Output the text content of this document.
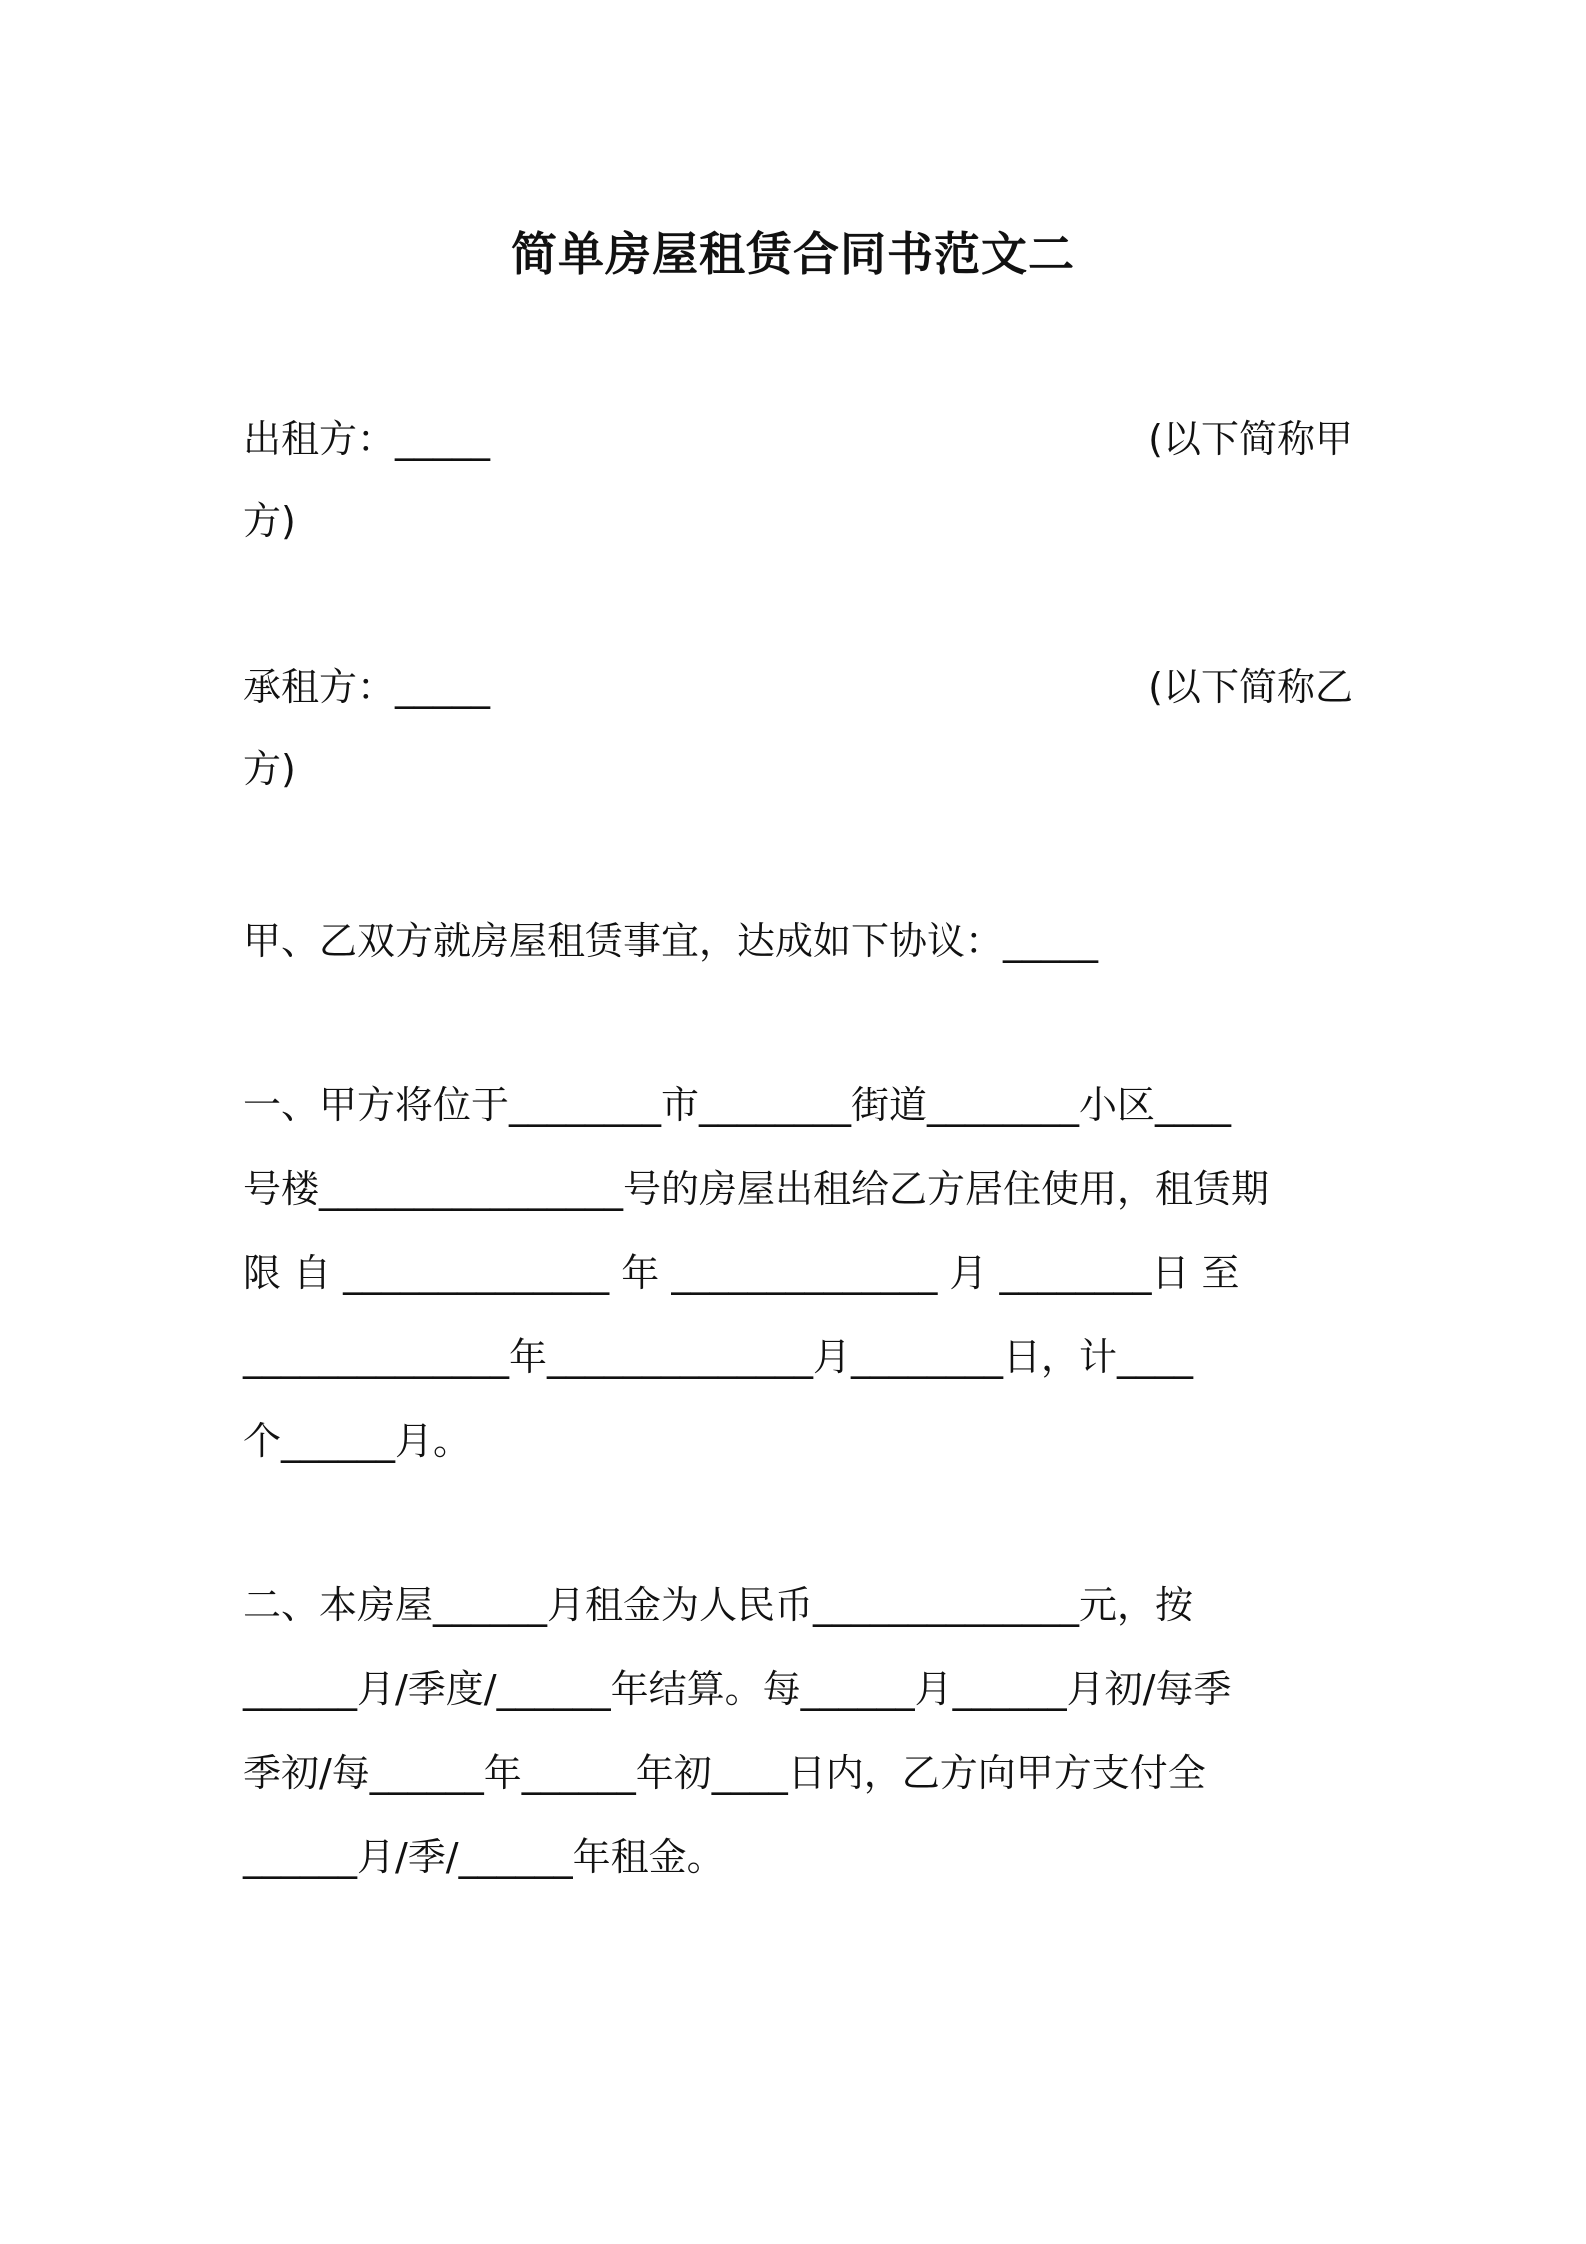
简单房屋租赁合同书范文二
出租方：_____	(以下简称甲
方)
承租方：_____	(以下简称乙
方)
甲、乙双方就房屋租赁事宜，达成如下协议：_____
一、甲方将位于________市________街道________小区____
号楼________________号的房屋出租给乙方居住使用，租赁期
限 自 ______________ 年 ______________ 月 ________日 至
______________年______________月________日，计____
个______月。
二、本房屋______月租金为人民币______________元，按
______月/季度/______年结算。每______月______月初/每季
季初/每______年______年初____日内，乙方向甲方支付全
______月/季/______年租金。
